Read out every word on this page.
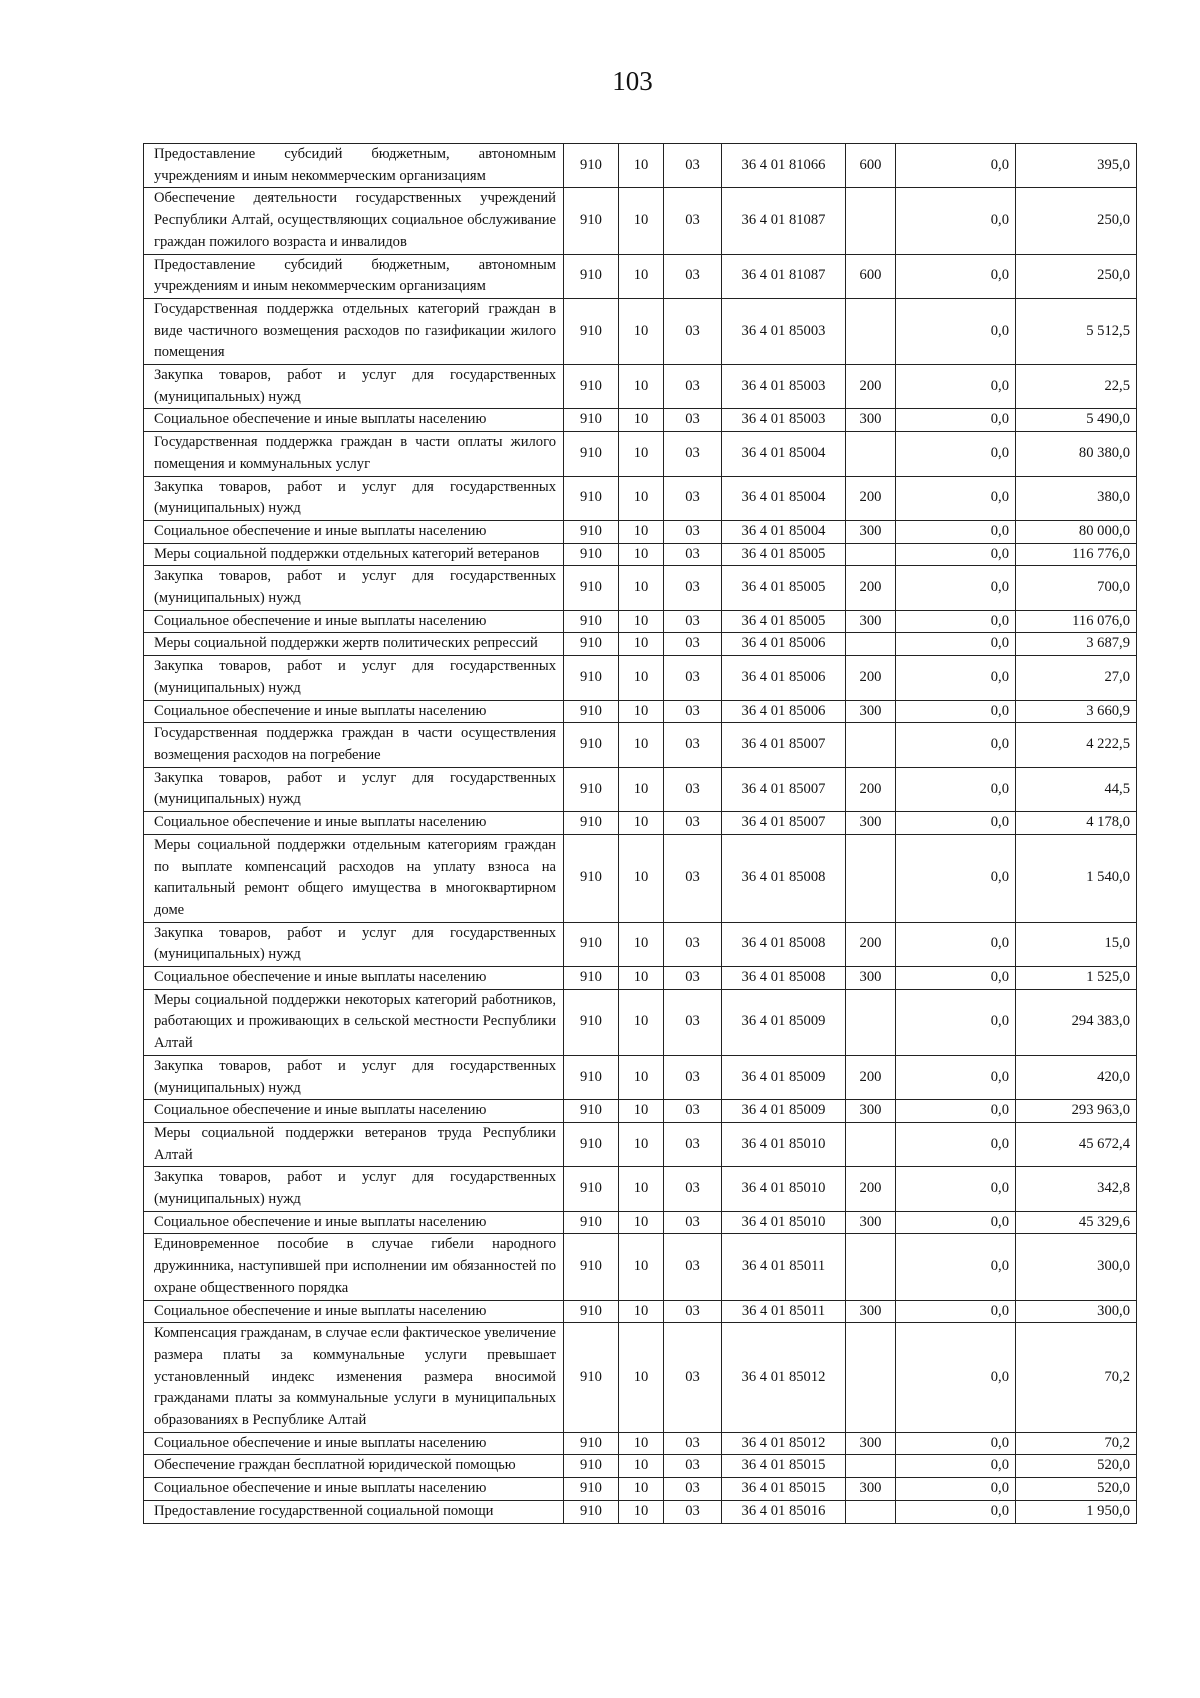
103
Предоставление субсидий бюджетным, автономным учреждениям и иным некоммерческим организациям	910	10	03	36 4 01 81066	600	0,0	395,0
Обеспечение деятельности государственных учреждений Республики Алтай, осуществляющих социальное обслуживание граждан пожилого возраста и инвалидов	910	10	03	36 4 01 81087		0,0	250,0
Предоставление субсидий бюджетным, автономным учреждениям и иным некоммерческим организациям	910	10	03	36 4 01 81087	600	0,0	250,0
Государственная поддержка отдельных категорий граждан в виде частичного возмещения расходов по газификации жилого помещения	910	10	03	36 4 01 85003		0,0	5 512,5
Закупка товаров, работ и услуг для государственных (муниципальных) нужд	910	10	03	36 4 01 85003	200	0,0	22,5
Социальное обеспечение и иные выплаты населению	910	10	03	36 4 01 85003	300	0,0	5 490,0
Государственная поддержка граждан в части оплаты жилого помещения и коммунальных услуг	910	10	03	36 4 01 85004		0,0	80 380,0
Закупка товаров, работ и услуг для государственных (муниципальных) нужд	910	10	03	36 4 01 85004	200	0,0	380,0
Социальное обеспечение и иные выплаты населению	910	10	03	36 4 01 85004	300	0,0	80 000,0
Меры социальной поддержки отдельных категорий ветеранов	910	10	03	36 4 01 85005		0,0	116 776,0
Закупка товаров, работ и услуг для государственных (муниципальных) нужд	910	10	03	36 4 01 85005	200	0,0	700,0
Социальное обеспечение и иные выплаты населению	910	10	03	36 4 01 85005	300	0,0	116 076,0
Меры социальной поддержки жертв политических репрессий	910	10	03	36 4 01 85006		0,0	3 687,9
Закупка товаров, работ и услуг для государственных (муниципальных) нужд	910	10	03	36 4 01 85006	200	0,0	27,0
Социальное обеспечение и иные выплаты населению	910	10	03	36 4 01 85006	300	0,0	3 660,9
Государственная поддержка граждан в части осуществления возмещения расходов на погребение	910	10	03	36 4 01 85007		0,0	4 222,5
Закупка товаров, работ и услуг для государственных (муниципальных) нужд	910	10	03	36 4 01 85007	200	0,0	44,5
Социальное обеспечение и иные выплаты населению	910	10	03	36 4 01 85007	300	0,0	4 178,0
Меры социальной поддержки отдельным категориям граждан по выплате компенсаций расходов на уплату взноса на капитальный ремонт общего имущества в многоквартирном доме	910	10	03	36 4 01 85008		0,0	1 540,0
Закупка товаров, работ и услуг для государственных (муниципальных) нужд	910	10	03	36 4 01 85008	200	0,0	15,0
Социальное обеспечение и иные выплаты населению	910	10	03	36 4 01 85008	300	0,0	1 525,0
Меры социальной поддержки некоторых категорий работников, работающих и проживающих в сельской местности Республики Алтай	910	10	03	36 4 01 85009		0,0	294 383,0
Закупка товаров, работ и услуг для государственных (муниципальных) нужд	910	10	03	36 4 01 85009	200	0,0	420,0
Социальное обеспечение и иные выплаты населению	910	10	03	36 4 01 85009	300	0,0	293 963,0
Меры социальной поддержки ветеранов труда Республики Алтай	910	10	03	36 4 01 85010		0,0	45 672,4
Закупка товаров, работ и услуг для государственных (муниципальных) нужд	910	10	03	36 4 01 85010	200	0,0	342,8
Социальное обеспечение и иные выплаты населению	910	10	03	36 4 01 85010	300	0,0	45 329,6
Единовременное пособие в случае гибели народного дружинника, наступившей при исполнении им обязанностей по охране общественного порядка	910	10	03	36 4 01 85011		0,0	300,0
Социальное обеспечение и иные выплаты населению	910	10	03	36 4 01 85011	300	0,0	300,0
Компенсация гражданам, в случае если фактическое увеличение размера платы за коммунальные услуги превышает установленный индекс изменения размера вносимой гражданами платы за коммунальные услуги в муниципальных образованиях в Республике Алтай	910	10	03	36 4 01 85012		0,0	70,2
Социальное обеспечение и иные выплаты населению	910	10	03	36 4 01 85012	300	0,0	70,2
Обеспечение граждан бесплатной юридической помощью	910	10	03	36 4 01 85015		0,0	520,0
Социальное обеспечение и иные выплаты населению	910	10	03	36 4 01 85015	300	0,0	520,0
Предоставление государственной социальной помощи	910	10	03	36 4 01 85016		0,0	1 950,0
